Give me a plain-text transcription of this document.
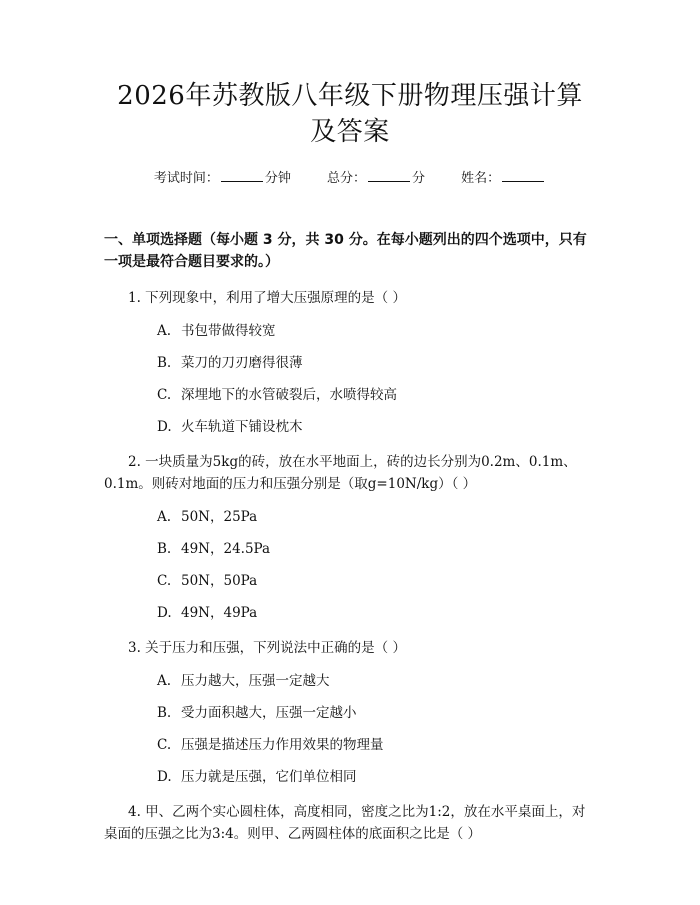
2026年苏教版八年级下册物理压强计算及答案
考试时间：	分钟	总分：	分	姓名：
一、单项选择题（每小题 3 分，共 30 分。在每小题列出的四个选项中，只有一项是最符合题目要求的。）
1. 下列现象中，利用了增大压强原理的是（ ）
A. 书包带做得较宽
B. 菜刀的刀刃磨得很薄
C. 深埋地下的水管破裂后，水喷得较高
D. 火车轨道下铺设枕木
2. 一块质量为5kg的砖，放在水平地面上，砖的边长分别为0.2m、0.1m、0.1m。则砖对地面的压力和压强分别是（取g=10N/kg）（ ）
A. 50N，25Pa
B. 49N，24.5Pa
C. 50N，50Pa
D. 49N，49Pa
3. 关于压力和压强，下列说法中正确的是（ ）
A. 压力越大，压强一定越大
B. 受力面积越大，压强一定越小
C. 压强是描述压力作用效果的物理量
D. 压力就是压强，它们单位相同
4. 甲、乙两个实心圆柱体，高度相同，密度之比为1:2，放在水平桌面上，对桌面的压强之比为3:4。则甲、乙两圆柱体的底面积之比是（ ）
